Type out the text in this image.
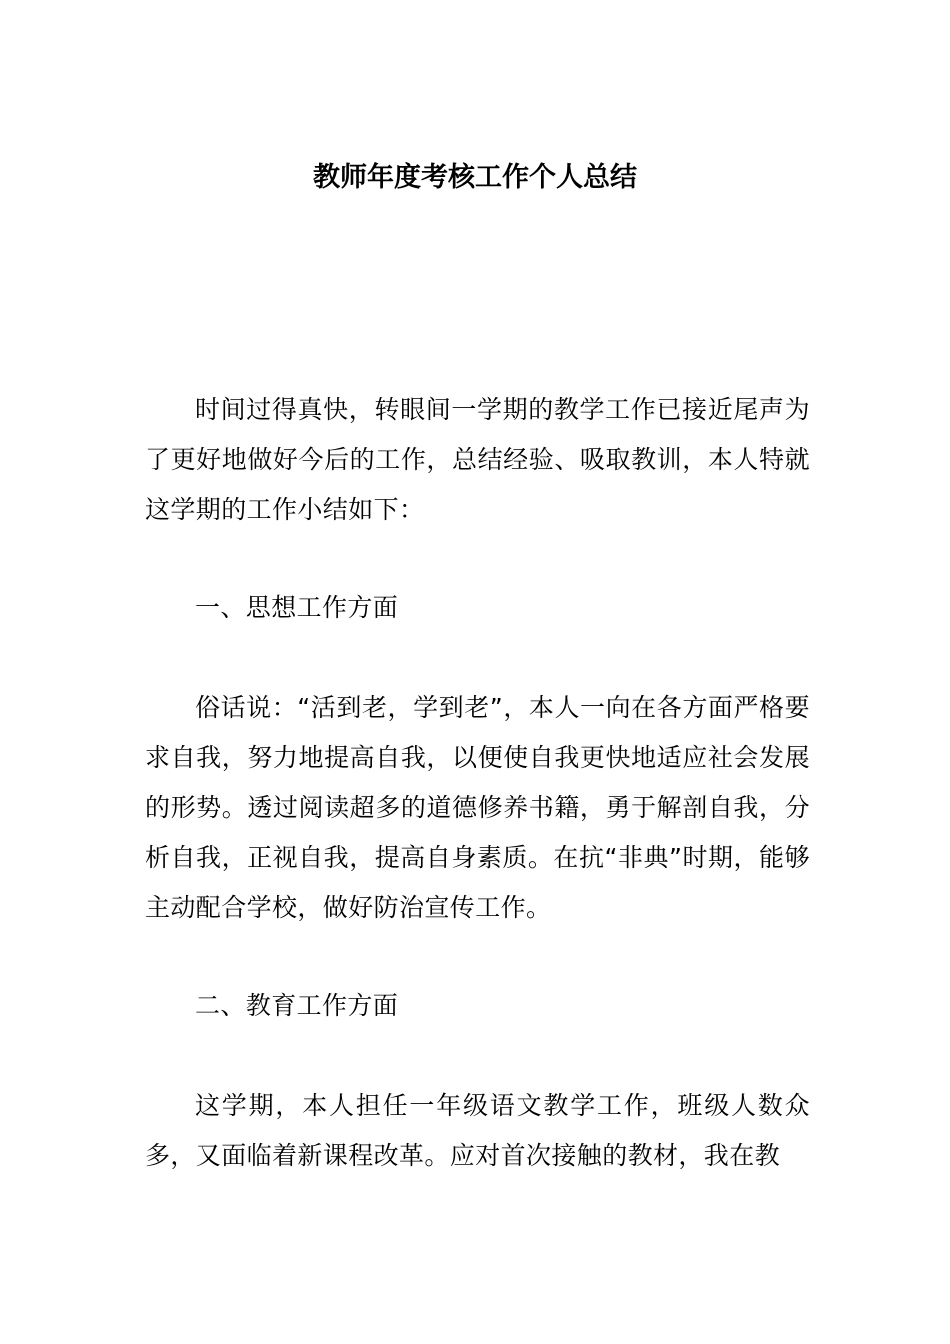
教师年度考核工作个人总结

时间过得真快，转眼间一学期的教学工作已接近尾声为了更好地做好今后的工作，总结经验、吸取教训，本人特就这学期的工作小结如下：

一、思想工作方面

俗话说：“活到老，学到老”，本人一向在各方面严格要求自我，努力地提高自我，以便使自我更快地适应社会发展的形势。透过阅读超多的道德修养书籍，勇于解剖自我，分析自我，正视自我，提高自身素质。在抗“非典”时期，能够主动配合学校，做好防治宣传工作。

二、教育工作方面

这学期，本人担任一年级语文教学工作，班级人数众多，又面临着新课程改革。应对首次接触的教材，我在教
